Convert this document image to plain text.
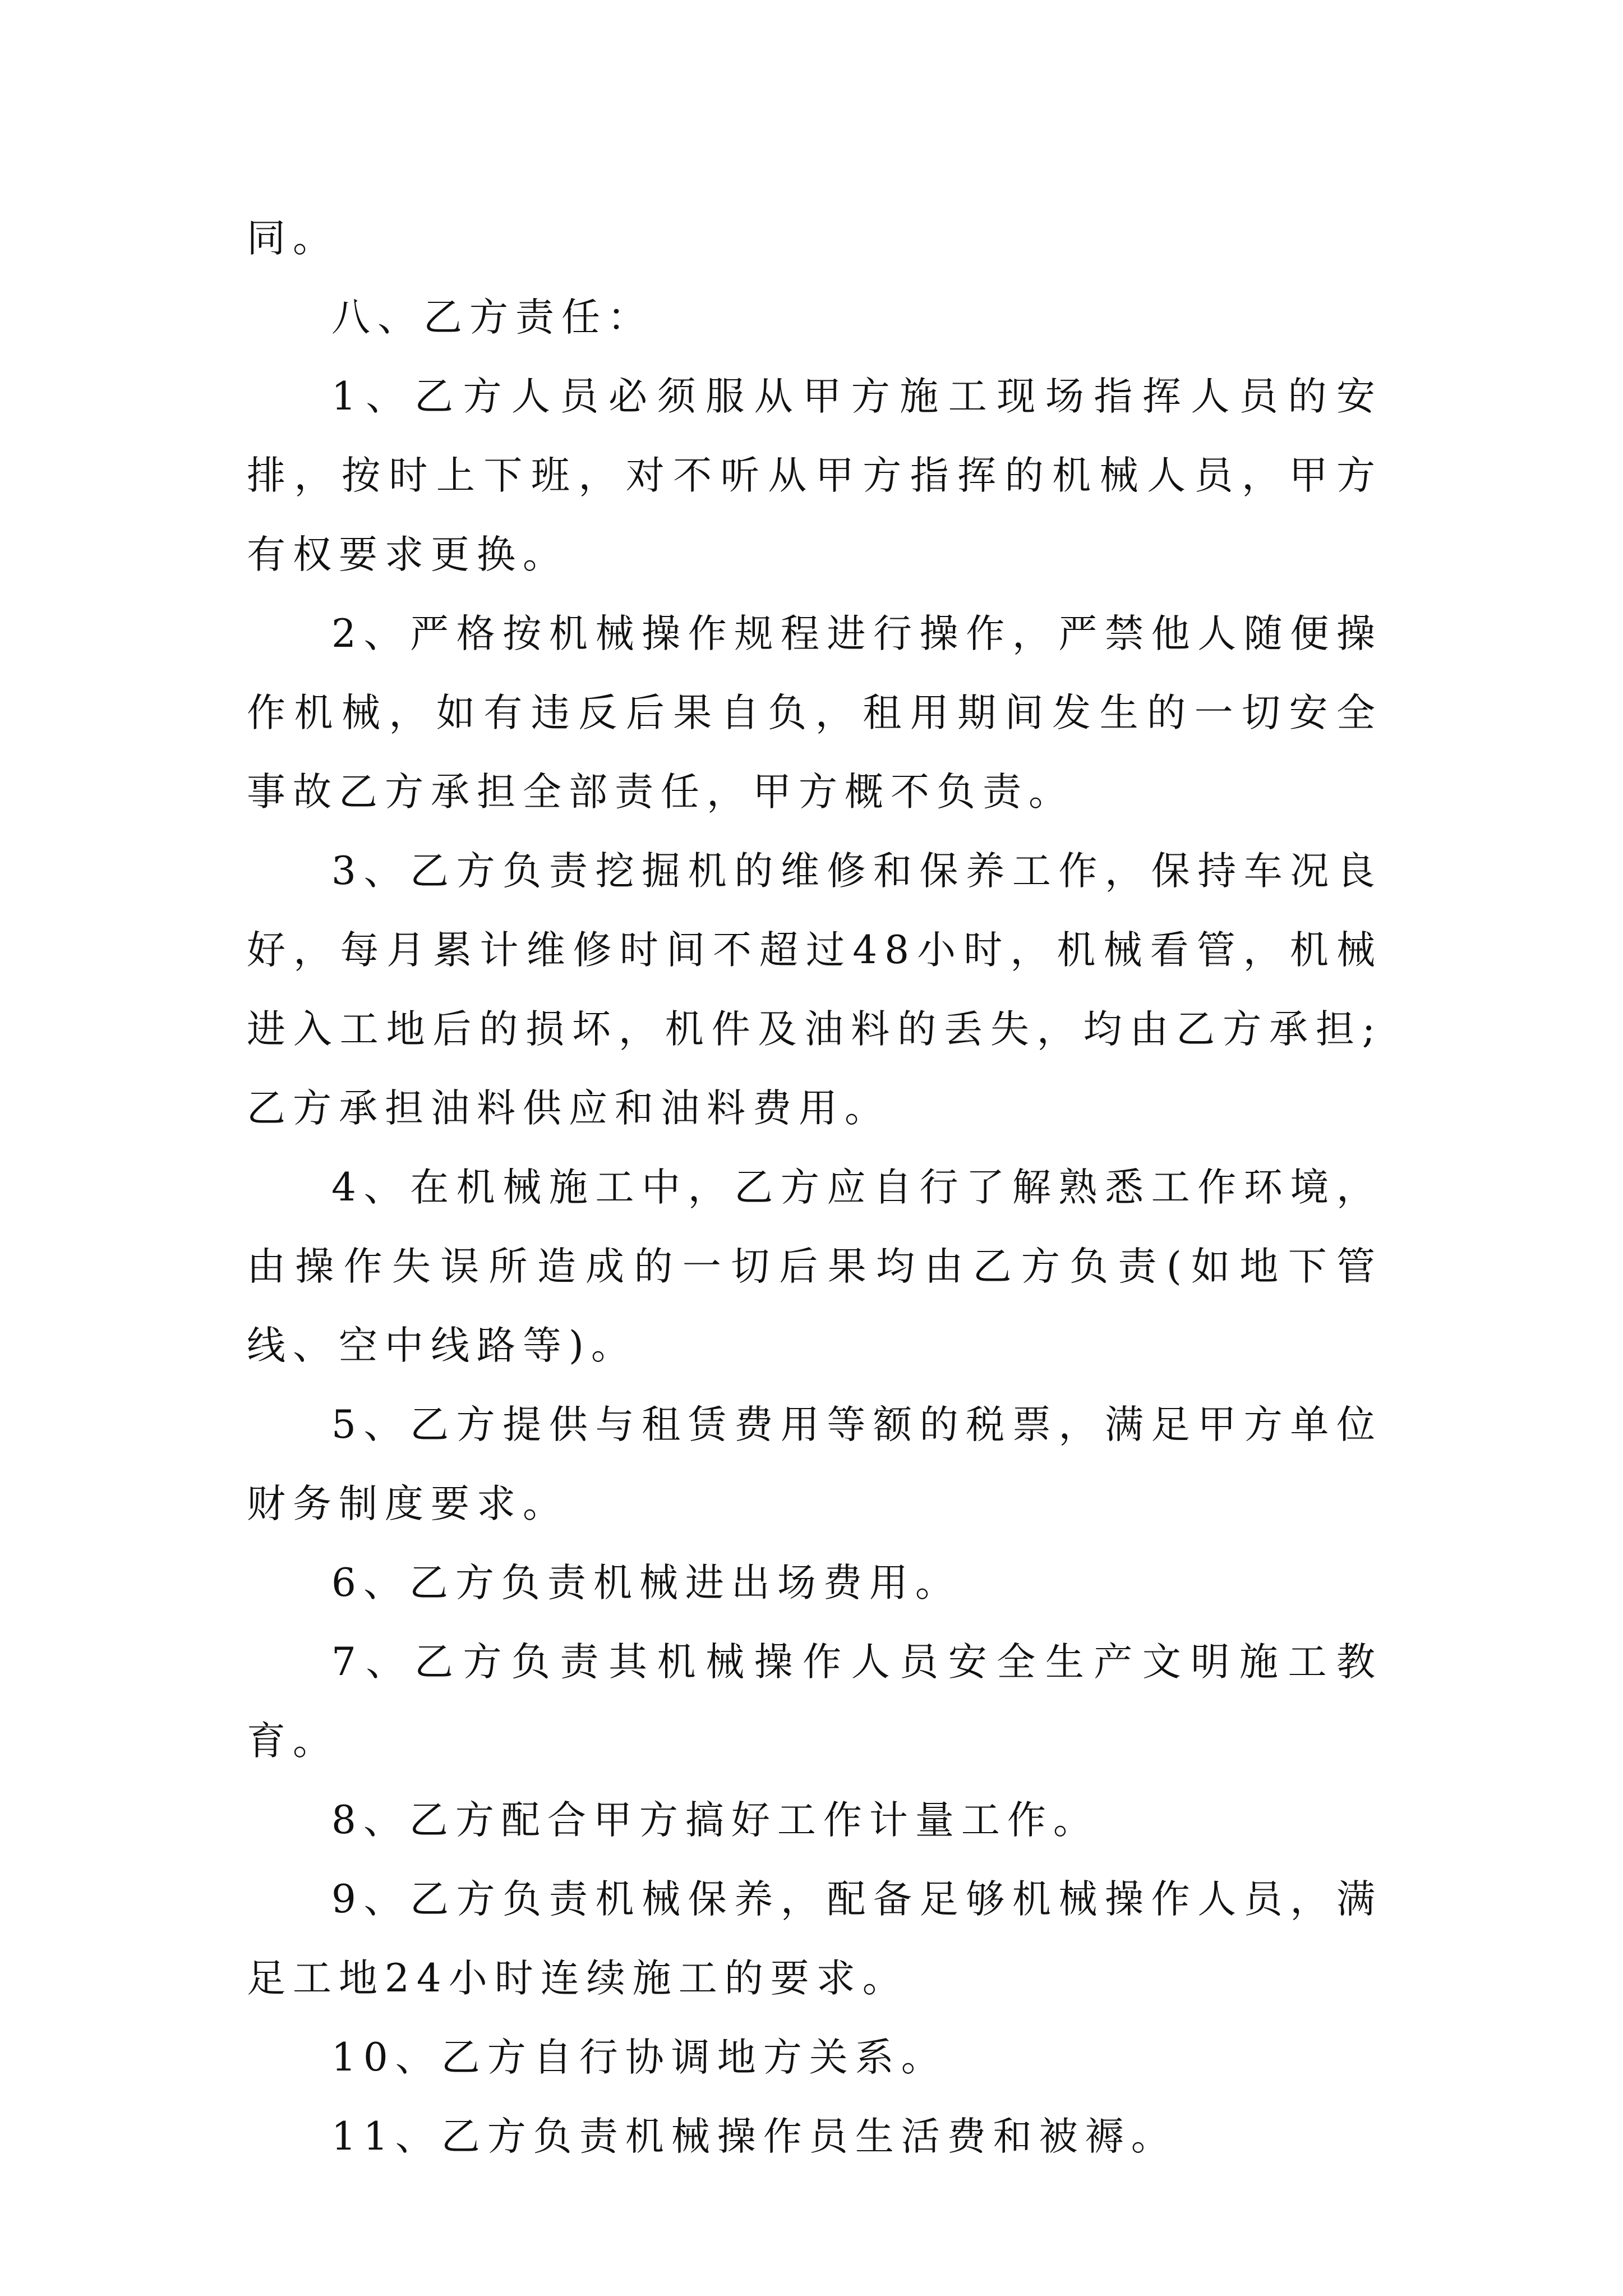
同。

八、乙方责任：

1、乙方人员必须服从甲方施工现场指挥人员的安排，按时上下班，对不听从甲方指挥的机械人员，甲方有权要求更换。

2、严格按机械操作规程进行操作，严禁他人随便操作机械，如有违反后果自负，租用期间发生的一切安全事故乙方承担全部责任，甲方概不负责。

3、乙方负责挖掘机的维修和保养工作，保持车况良好，每月累计维修时间不超过48小时，机械看管，机械进入工地后的损坏，机件及油料的丢失，均由乙方承担;乙方承担油料供应和油料费用。

4、在机械施工中，乙方应自行了解熟悉工作环境，由操作失误所造成的一切后果均由乙方负责(如地下管线、空中线路等)。

5、乙方提供与租赁费用等额的税票，满足甲方单位财务制度要求。

6、乙方负责机械进出场费用。

7、乙方负责其机械操作人员安全生产文明施工教育。

8、乙方配合甲方搞好工作计量工作。

9、乙方负责机械保养，配备足够机械操作人员，满足工地24小时连续施工的要求。

10、乙方自行协调地方关系。

11、乙方负责机械操作员生活费和被褥。
